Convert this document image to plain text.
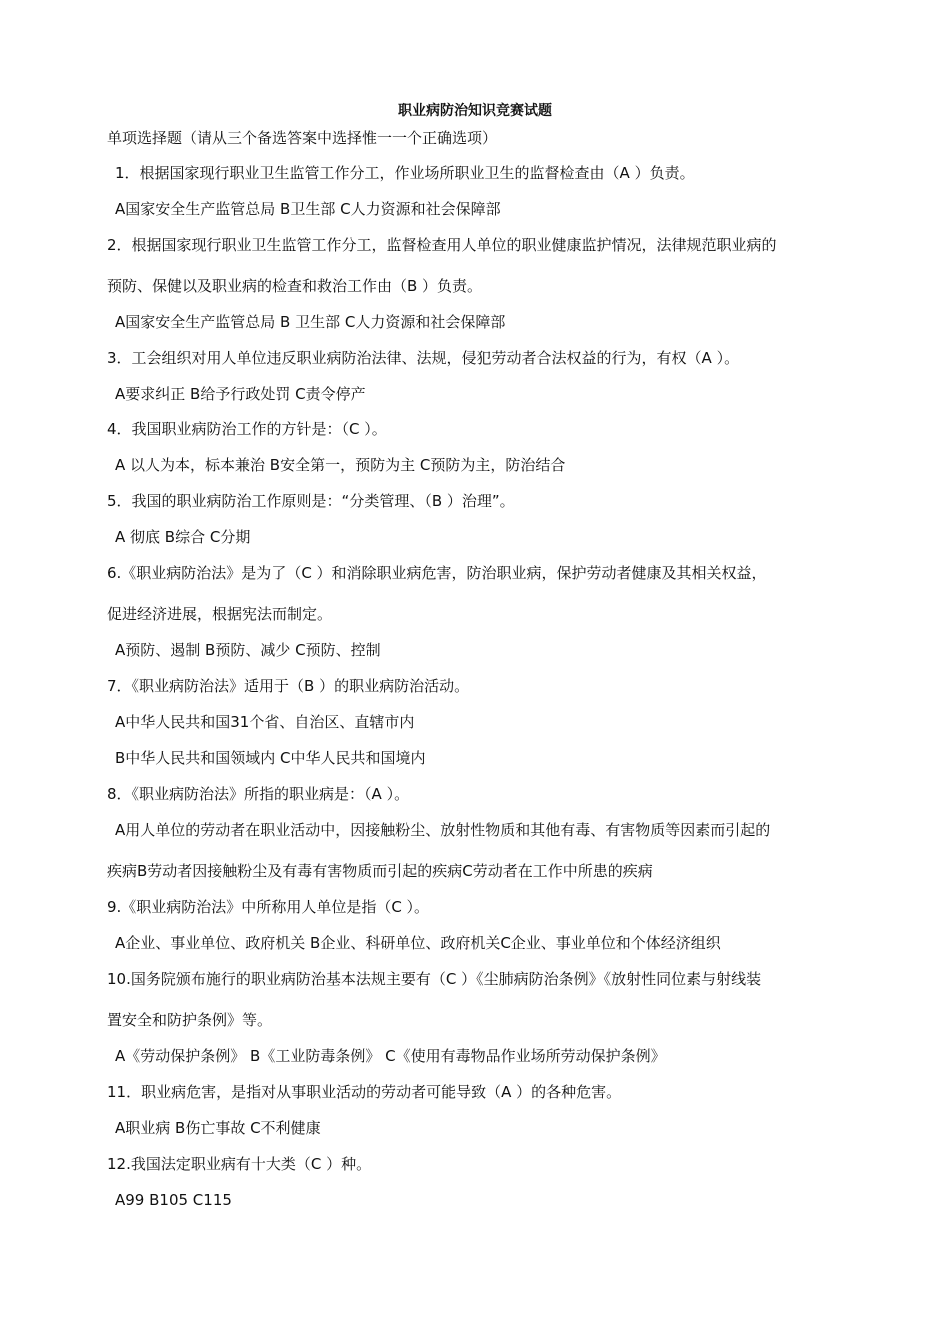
职业病防治知识竞赛试题
单项选择题（请从三个备选答案中选择惟一一个正确选项）
1．根据国家现行职业卫生监管工作分工，作业场所职业卫生的监督检查由（A ）负责。
A国家安全生产监管总局 B卫生部 C人力资源和社会保障部
2．根据国家现行职业卫生监管工作分工，监督检查用人单位的职业健康监护情况，法律规范职业病的
预防、保健以及职业病的检查和救治工作由（B ）负责。
A国家安全生产监管总局 B 卫生部 C人力资源和社会保障部
3．工会组织对用人单位违反职业病防治法律、法规，侵犯劳动者合法权益的行为，有权（A ）。
A要求纠正 B给予行政处罚 C责令停产
4．我国职业病防治工作的方针是：（C ）。
A 以人为本，标本兼治 B安全第一，预防为主 C预防为主，防治结合
5．我国的职业病防治工作原则是：“分类管理、（B ）治理”。
A 彻底 B综合 C分期
6.《职业病防治法》是为了（C ）和消除职业病危害，防治职业病，保护劳动者健康及其相关权益，
促进经济进展，根据宪法而制定。
A预防、遏制 B预防、减少 C预防、控制
7．《职业病防治法》适用于（B ）的职业病防治活动。
A中华人民共和国31个省、自治区、直辖市内
B中华人民共和国领域内 C中华人民共和国境内
8．《职业病防治法》所指的职业病是：（A ）。
A用人单位的劳动者在职业活动中，因接触粉尘、放射性物质和其他有毒、有害物质等因素而引起的
疾病B劳动者因接触粉尘及有毒有害物质而引起的疾病C劳动者在工作中所患的疾病
9.《职业病防治法》中所称用人单位是指（C ）。
A企业、事业单位、政府机关 B企业、科研单位、政府机关C企业、事业单位和个体经济组织
10.国务院颁布施行的职业病防治基本法规主要有（C ）《尘肺病防治条例》《放射性同位素与射线装
置安全和防护条例》等。
A《劳动保护条例》 B《工业防毒条例》 C《使用有毒物品作业场所劳动保护条例》
11．职业病危害，是指对从事职业活动的劳动者可能导致（A ）的各种危害。
A职业病 B伤亡事故 C不利健康
12.我国法定职业病有十大类（C ）种。
A99 B105 C115
